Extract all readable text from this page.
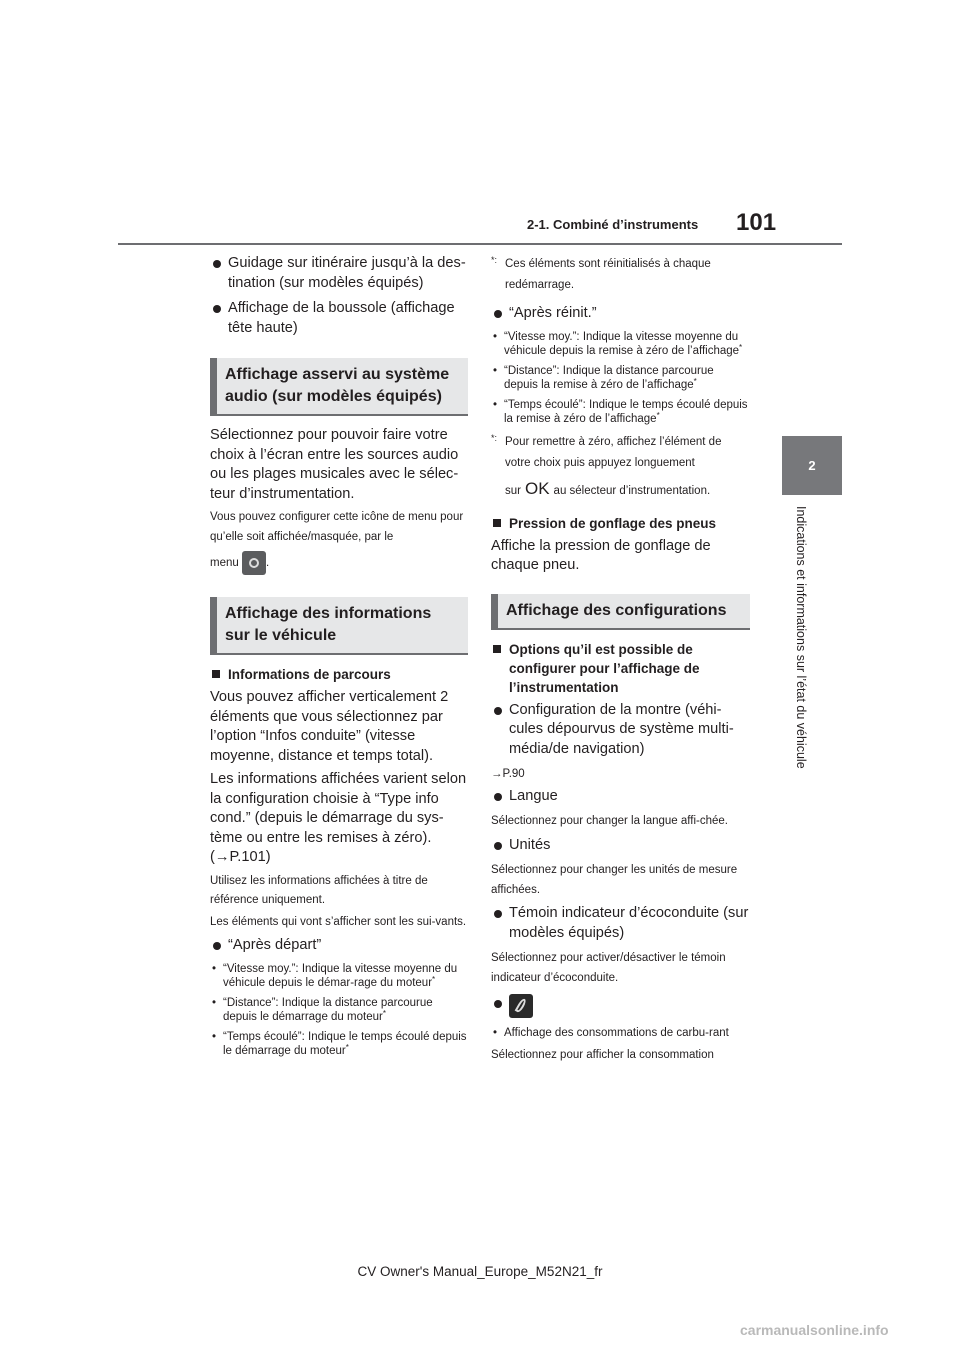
2-1. Combiné d’instruments 101
2
Indications et informations sur l’état du véhicule
Guidage sur itinéraire jusqu’à la des-
tination (sur modèles équipés)
Affichage de la boussole (affichage
tête haute)
Affichage asservi au système audio (sur modèles équipés)
Sélectionnez pour pouvoir faire votre choix à l’écran entre les sources audio ou les plages musicales avec le sélec-teur d’instrumentation.
Vous pouvez configurer cette icône de menu pour qu’elle soit affichée/masquée, par le
menu .
Affichage des informations sur le véhicule
Informations de parcours
Vous pouvez afficher verticalement 2 éléments que vous sélectionnez par l’option “Infos conduite” (vitesse moyenne, distance et temps total).
Les informations affichées varient selon la configuration choisie à “Type info cond.” (depuis le démarrage du sys-tème ou entre les remises à zéro). (→P.101)
Utilisez les informations affichées à titre de référence uniquement.
Les éléments qui vont s’afficher sont les sui-vants.
“Après départ”
• “Vitesse moy.”: Indique la vitesse moyenne du véhicule depuis le démar-rage du moteur*
• “Distance”: Indique la distance parcourue depuis le démarrage du moteur*
• “Temps écoulé”: Indique le temps écoulé depuis le démarrage du moteur*
*: Ces éléments sont réinitialisés à chaque redémarrage.
“Après réinit.”
• “Vitesse moy.”: Indique la vitesse moyenne du véhicule depuis la remise à zéro de l’affichage*
• “Distance”: Indique la distance parcourue depuis la remise à zéro de l’affichage*
• “Temps écoulé”: Indique le temps écoulé depuis la remise à zéro de l’affichage*
*: Pour remettre à zéro, affichez l’élément de votre choix puis appuyez longuement
sur OK au sélecteur d’instrumentation.
Pression de gonflage des pneus
Affiche la pression de gonflage de chaque pneu.
Affichage des configurations
Options qu’il est possible de configurer pour l’affichage de l’instrumentation
Configuration de la montre (véhi-cules dépourvus de système multi-média/de navigation)
→P.90
Langue
Sélectionnez pour changer la langue affi-chée.
Unités
Sélectionnez pour changer les unités de mesure affichées.
Témoin indicateur d’écoconduite (sur modèles équipés)
Sélectionnez pour activer/désactiver le témoin indicateur d’écoconduite.
• Affichage des consommations de carbu-rant
Sélectionnez pour afficher la consommation
CV Owner's Manual_Europe_M52N21_fr
carmanualsonline.info
